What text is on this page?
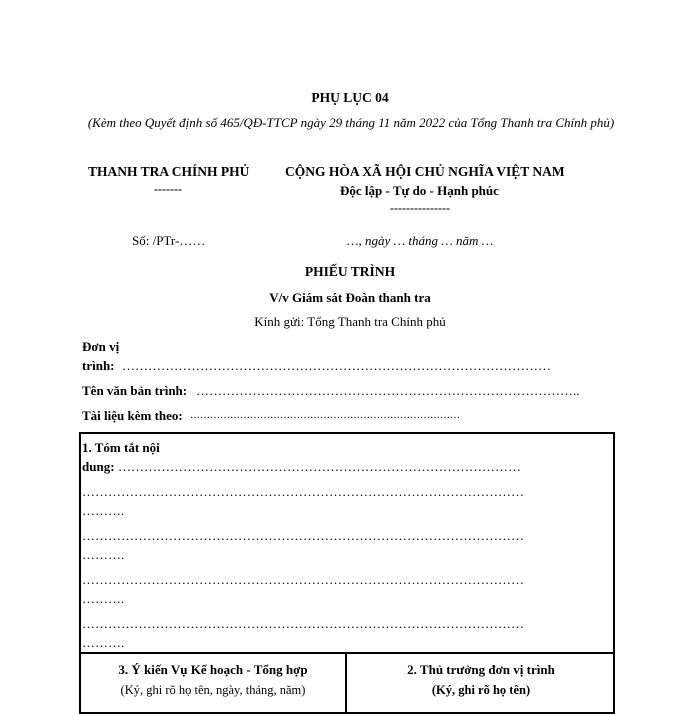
PHỤ LỤC 04
(Kèm theo Quyết định số 465/QĐ-TTCP ngày 29 tháng 11 năm 2022 của Tổng Thanh tra Chính phủ)
THANH TRA CHÍNH PHỦ
-------
CỘNG HÒA XÃ HỘI CHỦ NGHĨA VIỆT NAM
Độc lập - Tự do - Hạnh phúc
---------------
Số: /PTr-……	…, ngày … tháng … năm …
PHIẾU TRÌNH
V/v Giám sát Đoàn thanh tra
Kính gửi: Tổng Thanh tra Chính phủ
Đơn vị
trình: ………………………………………………………………………………………
Tên văn bản trình: ……………………………………………………………………………..
Tài liệu kèm theo: ………………………………………………………………………
1. Tóm tắt nội
dung: …………………………………………………………………………………
…………………………………………………………………………………………
……….
…………………………………………………………………………………………
……….
…………………………………………………………………………………………
……….
…………………………………………………………………………………………
……….
3. Ý kiến Vụ Kế hoạch - Tổng hợp
(Ký, ghi rõ họ tên, ngày, tháng, năm)
2. Thủ trưởng đơn vị trình
(Ký, ghi rõ họ tên)
